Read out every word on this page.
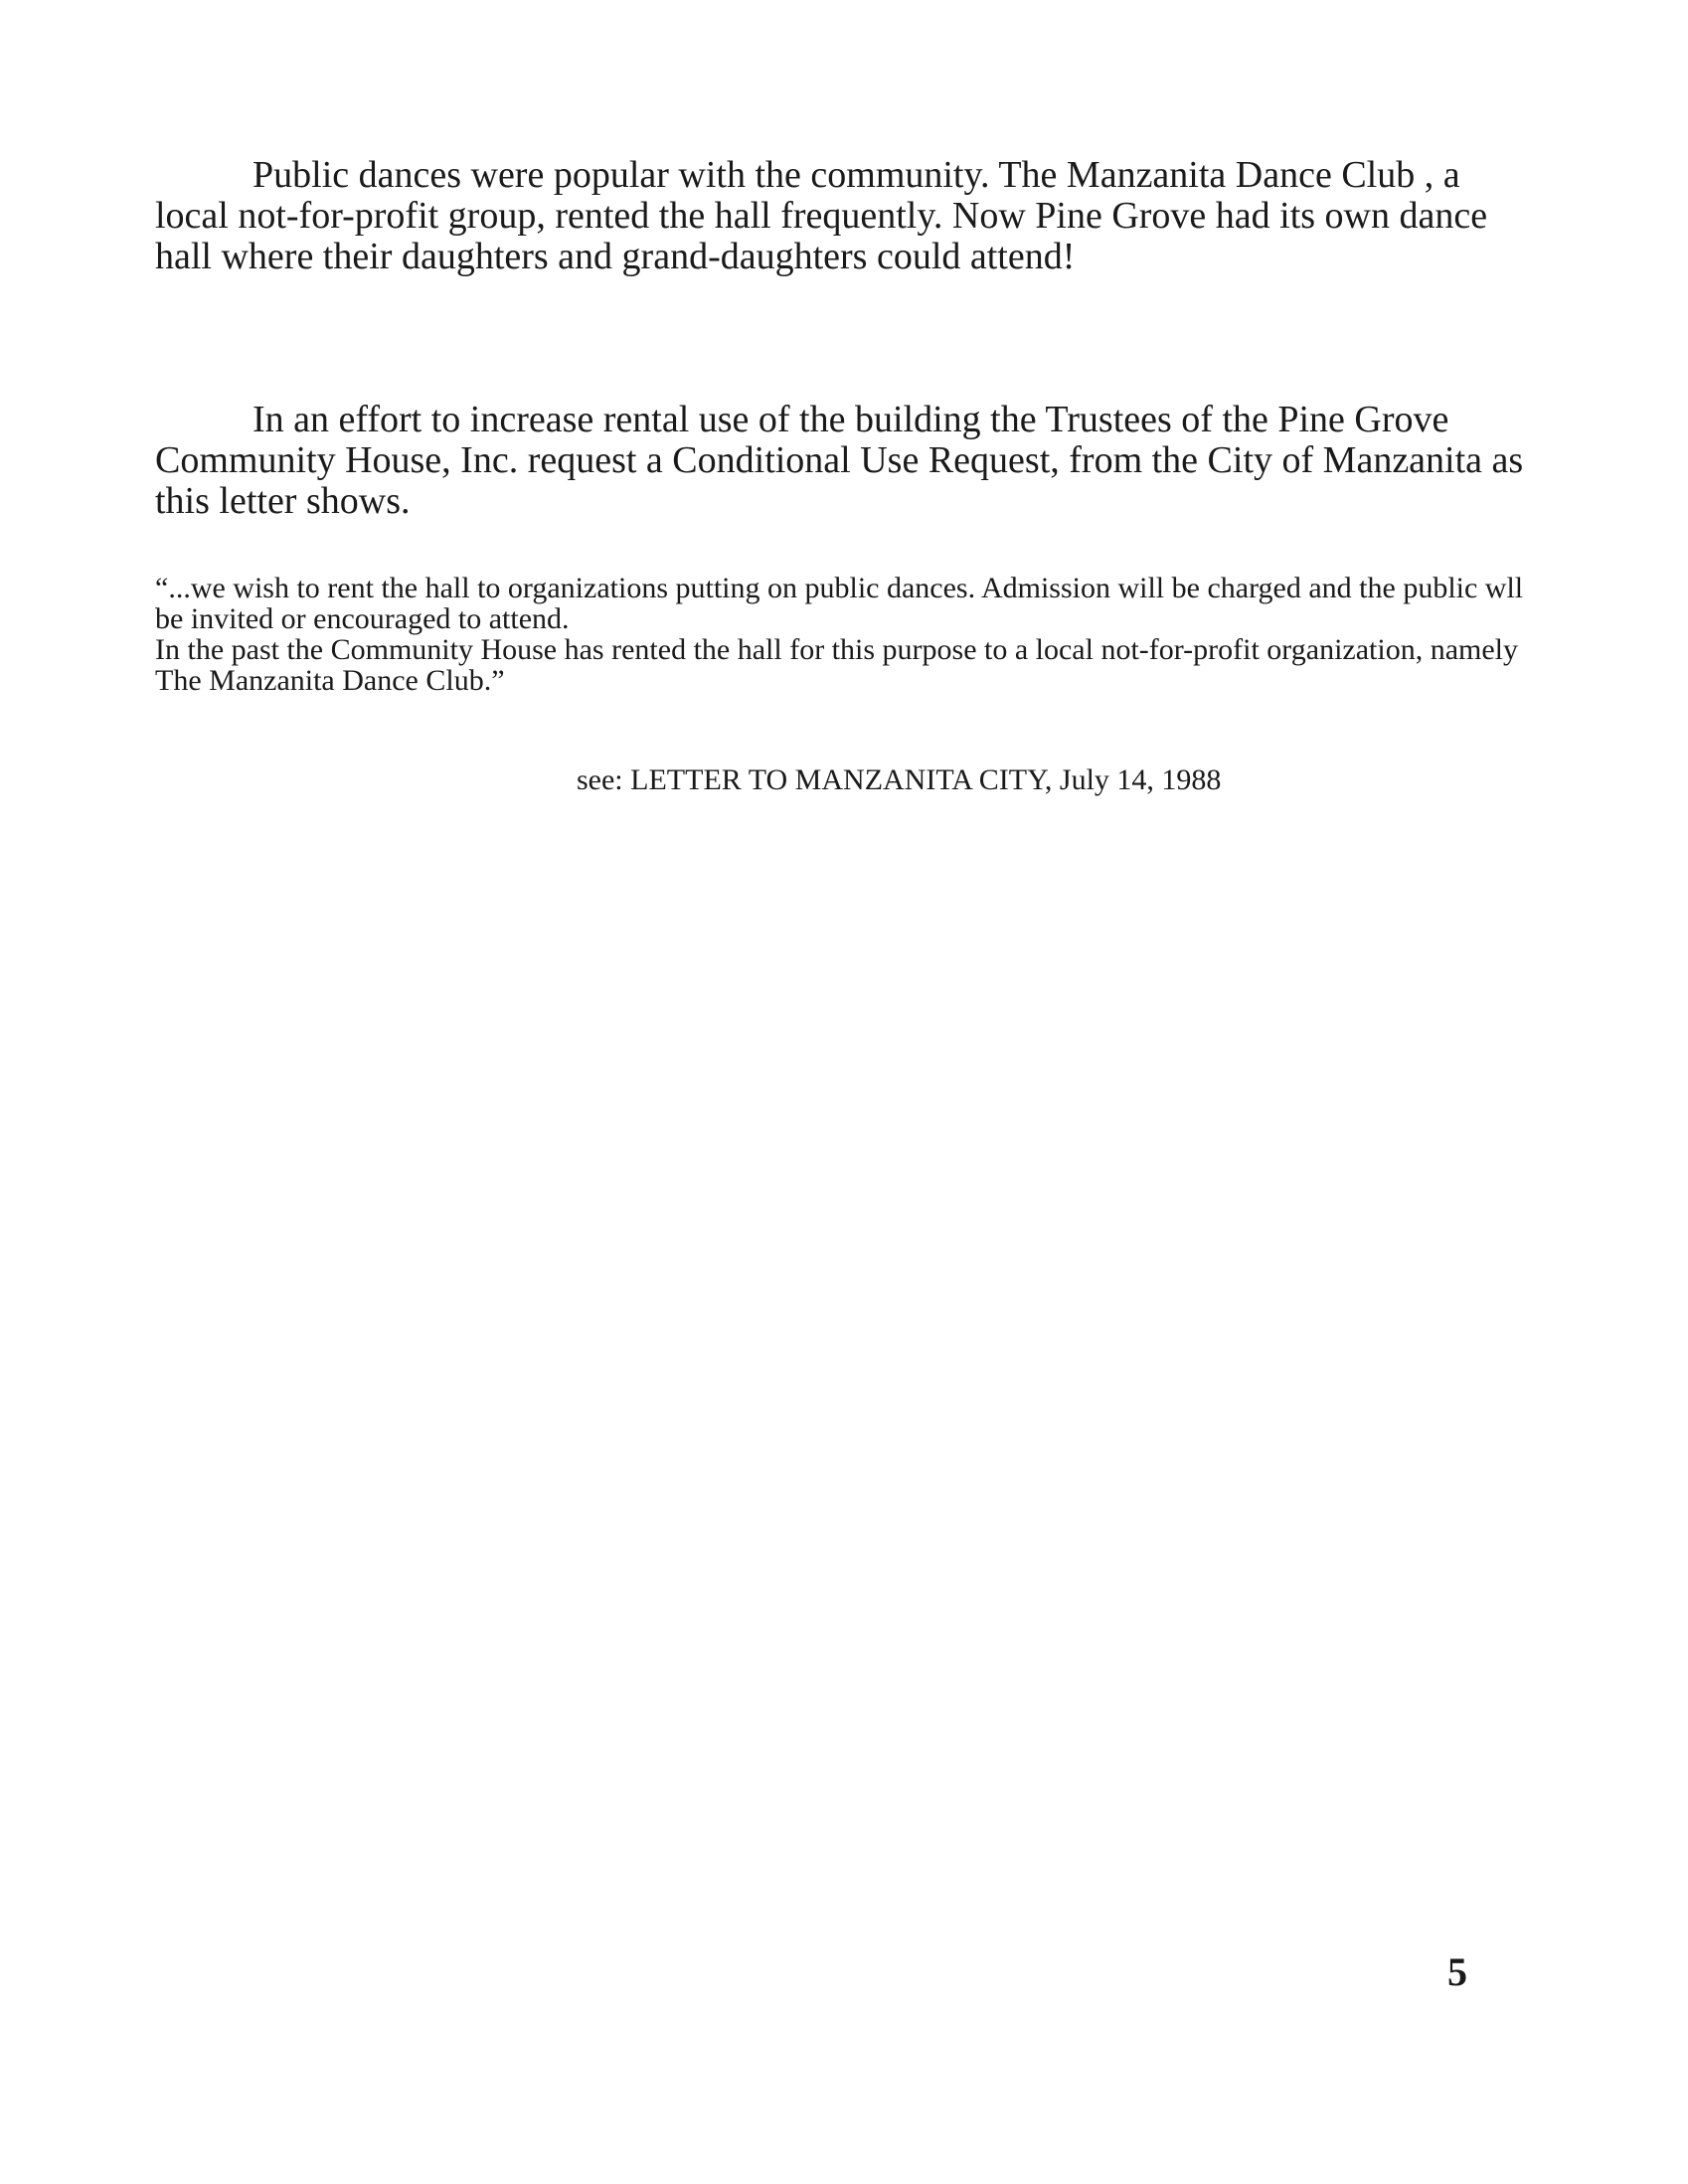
Public dances were popular with the community. The Manzanita Dance Club , a local not-for-profit group, rented the hall frequently. Now Pine Grove had its own dance hall where their daughters and grand-daughters could attend!

In an effort to increase rental use of the building the Trustees of the Pine Grove Community House, Inc. request a Conditional Use Request, from the City of Manzanita as this letter shows.

“...we wish to rent the hall to organizations putting on public dances. Admission will be charged and the public wll be invited or encouraged to attend.
In the past the Community House has rented the hall for this purpose to a local not-for-profit organization, namely The Manzanita Dance Club.”

see: LETTER TO MANZANITA CITY, July 14, 1988

5
